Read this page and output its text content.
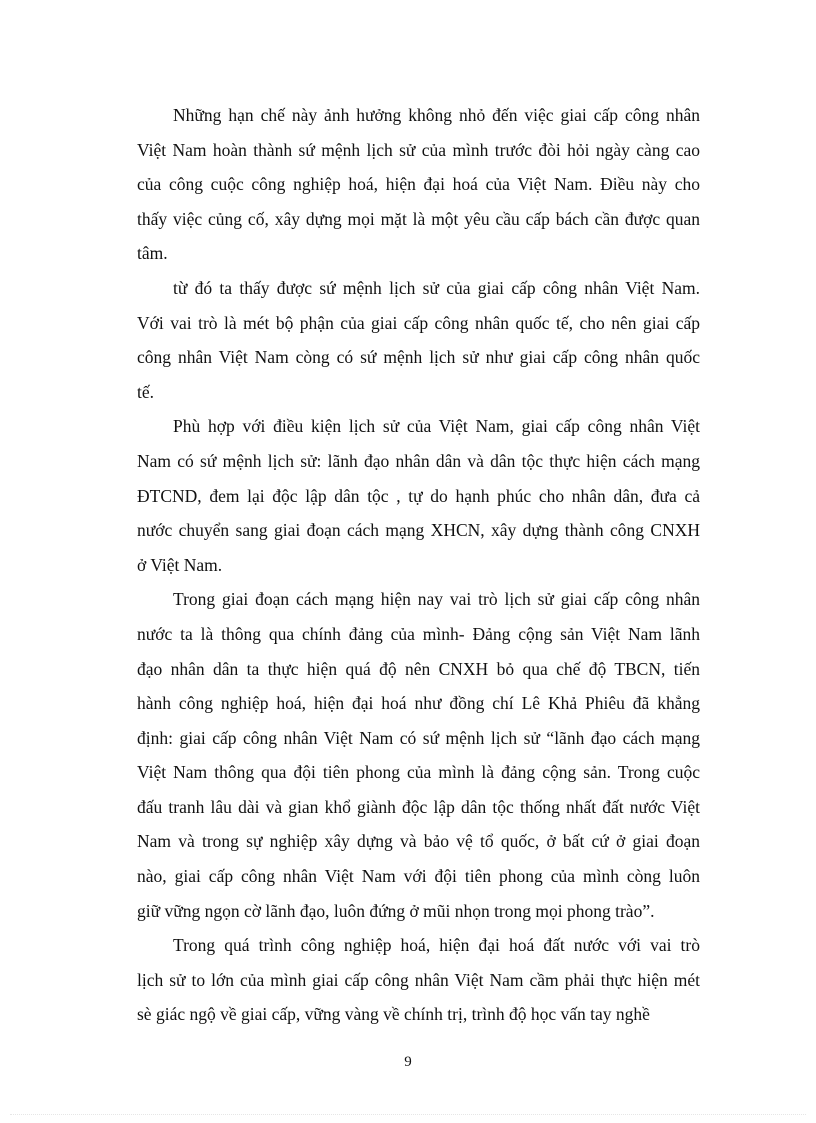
Những hạn chế này ảnh hưởng không nhỏ đến việc giai cấp công nhân
Việt Nam hoàn thành sứ mệnh lịch sử của mình trước đòi hỏi ngày càng cao
của công cuộc công nghiệp hoá, hiện đại hoá của Việt Nam. Điều này cho
thấy việc củng cố, xây dựng mọi mặt là một yêu cầu cấp bách cần được quan
tâm.
từ đó ta thấy được sứ mệnh lịch sử của giai cấp công nhân Việt Nam.
Với vai trò là mét bộ phận của giai cấp công nhân quốc tế, cho nên giai cấp
công nhân Việt Nam còng có sứ mệnh lịch sử như giai cấp công nhân quốc
tế.
Phù hợp với điều kiện lịch sử của Việt Nam, giai cấp công nhân Việt
Nam có sứ mệnh lịch sử: lãnh đạo nhân dân và dân tộc thực hiện cách mạng
ĐTCND, đem lại độc lập dân tộc , tự do hạnh phúc cho nhân dân, đưa cả
nước chuyển sang giai đoạn cách mạng XHCN, xây dựng thành công CNXH
ở Việt Nam.
Trong giai đoạn cách mạng hiện nay vai trò lịch sử giai cấp công nhân
nước ta là thông qua chính đảng của mình- Đảng cộng sản Việt Nam lãnh
đạo nhân dân ta thực hiện quá độ nên CNXH bỏ qua chế độ TBCN, tiến
hành công nghiệp hoá, hiện đại hoá như đồng chí Lê Khả Phiêu đã khẳng
định: giai cấp công nhân Việt Nam có sứ mệnh lịch sử “lãnh đạo cách mạng
Việt Nam thông qua đội tiên phong của mình là đảng cộng sản. Trong cuộc
đấu tranh lâu dài và gian khổ giành độc lập dân tộc thống nhất đất nước Việt
Nam và trong sự nghiệp xây dựng và bảo vệ tổ quốc, ở bất cứ ở giai đoạn
nào, giai cấp công nhân Việt Nam với đội tiên phong của mình còng luôn
giữ vững ngọn cờ lãnh đạo, luôn đứng ở mũi nhọn trong mọi phong trào”.
Trong quá trình công nghiệp hoá, hiện đại hoá đất nước với vai trò
lịch sử to lớn của mình giai cấp công nhân Việt Nam cầm phải thực hiện mét
sè giác ngộ về giai cấp, vững vàng về chính trị, trình độ học vấn tay nghề
9
